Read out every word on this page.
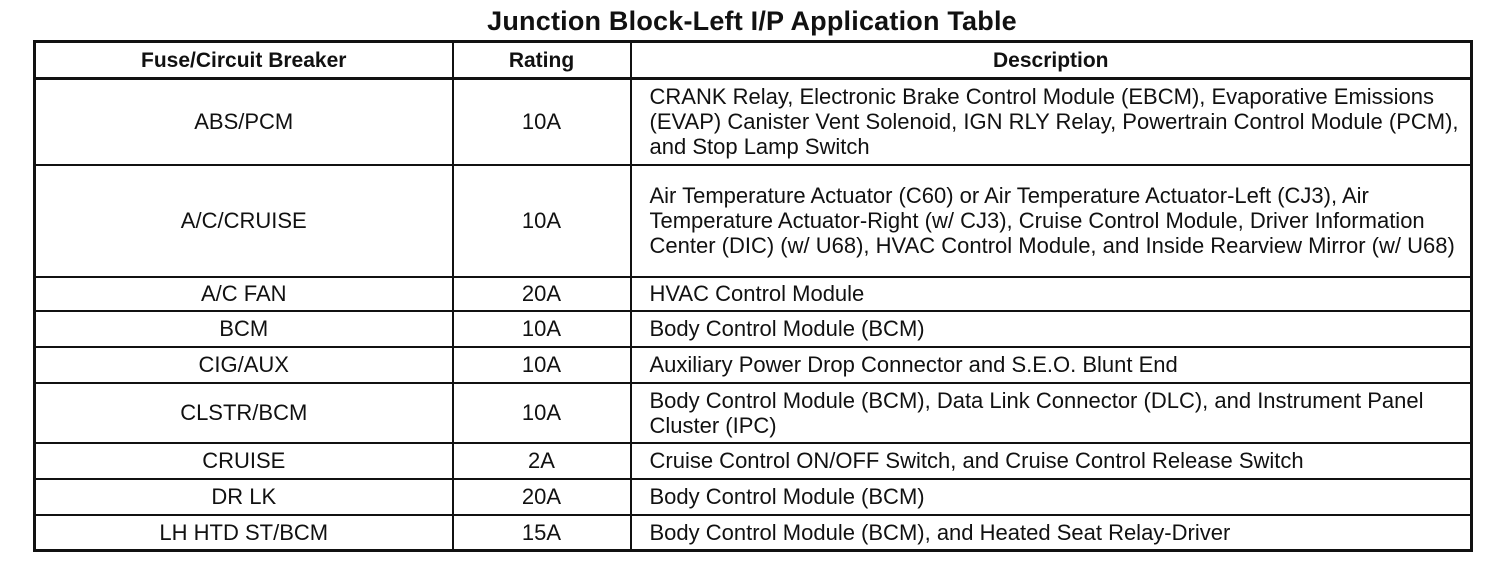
Junction Block-Left I/P Application Table
Fuse/Circuit Breaker	Rating	Description
ABS/PCM	10A	CRANK Relay, Electronic Brake Control Module (EBCM), Evaporative Emissions (EVAP) Canister Vent Solenoid, IGN RLY Relay, Powertrain Control Module (PCM), and Stop Lamp Switch
A/C/CRUISE	10A	Air Temperature Actuator (C60) or Air Temperature Actuator-Left (CJ3), Air Temperature Actuator-Right (w/ CJ3), Cruise Control Module, Driver Information Center (DIC) (w/ U68), HVAC Control Module, and Inside Rearview Mirror (w/ U68)
A/C FAN	20A	HVAC Control Module
BCM	10A	Body Control Module (BCM)
CIG/AUX	10A	Auxiliary Power Drop Connector and S.E.O. Blunt End
CLSTR/BCM	10A	Body Control Module (BCM), Data Link Connector (DLC), and Instrument Panel Cluster (IPC)
CRUISE	2A	Cruise Control ON/OFF Switch, and Cruise Control Release Switch
DR LK	20A	Body Control Module (BCM)
LH HTD ST/BCM	15A	Body Control Module (BCM), and Heated Seat Relay-Driver
